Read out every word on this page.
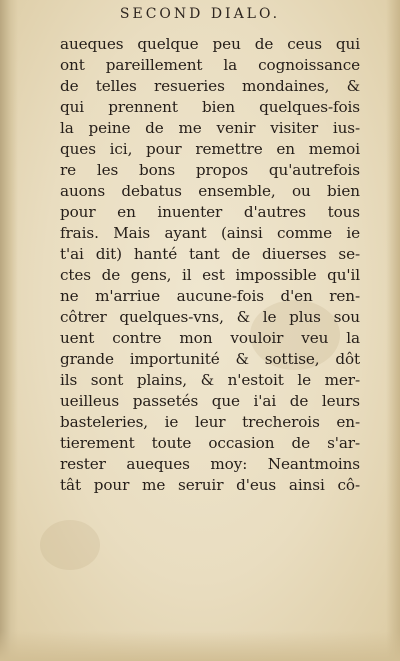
SECOND DIALO.
aueques quelque peu de ceus qui
ont pareillement la cognoissance
de telles resueries mondaines, &
qui prennent bien quelques-fois
la peine de me venir visiter ius-
ques ici, pour remettre en memoi
re les bons propos qu'autrefois
auons debatus ensemble, ou bien
pour en inuenter d'autres tous
frais. Mais ayant (ainsi comme ie
t'ai dit) hanté tant de diuerses se-
ctes de gens, il est impossible qu'il
ne m'arriue aucune-fois d'en ren-
côtrer quelques-vns, & le plus sou
uent contre mon vouloir veu la
grande importunité & sottise, dôt
ils sont plains, & n'estoit le mer-
ueilleus passetés que i'ai de leurs
basteleries, ie leur trecherois en-
tierement toute occasion de s'ar-
rester aueques moy: Neantmoins
tât pour me seruir d'eus ainsi cô-
